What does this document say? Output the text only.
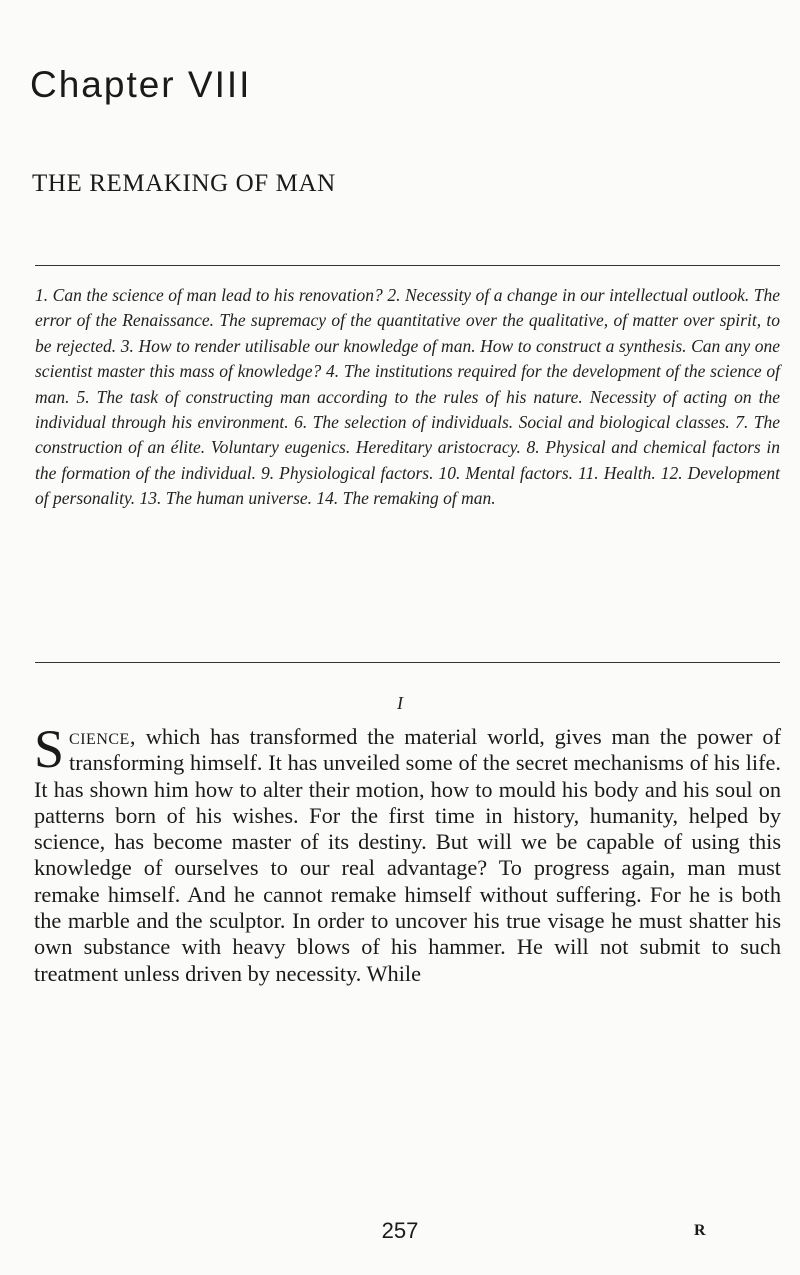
Chapter VIII
THE REMAKING OF MAN
1. Can the science of man lead to his renovation? 2. Necessity of a change in our intellectual outlook. The error of the Renaissance. The supremacy of the quantitative over the qualitative, of matter over spirit, to be rejected. 3. How to render utilisable our knowledge of man. How to construct a synthesis. Can any one scientist master this mass of knowledge? 4. The institutions required for the development of the science of man. 5. The task of constructing man according to the rules of his nature. Necessity of acting on the individual through his environment. 6. The selection of individuals. Social and biological classes. 7. The construction of an élite. Voluntary eugenics. Hereditary aristocracy. 8. Physical and chemical factors in the formation of the individual. 9. Physiological factors. 10. Mental factors. 11. Health. 12. Development of personality. 13. The human universe. 14. The remaking of man.
I
Science, which has transformed the material world, gives man the power of transforming himself. It has unveiled some of the secret mechanisms of his life. It has shown him how to alter their motion, how to mould his body and his soul on patterns born of his wishes. For the first time in history, humanity, helped by science, has become master of its destiny. But will we be capable of using this knowledge of ourselves to our real advantage? To progress again, man must remake himself. And he cannot remake himself without suffering. For he is both the marble and the sculptor. In order to uncover his true visage he must shatter his own substance with heavy blows of his hammer. He will not submit to such treatment unless driven by necessity. While
257	R
